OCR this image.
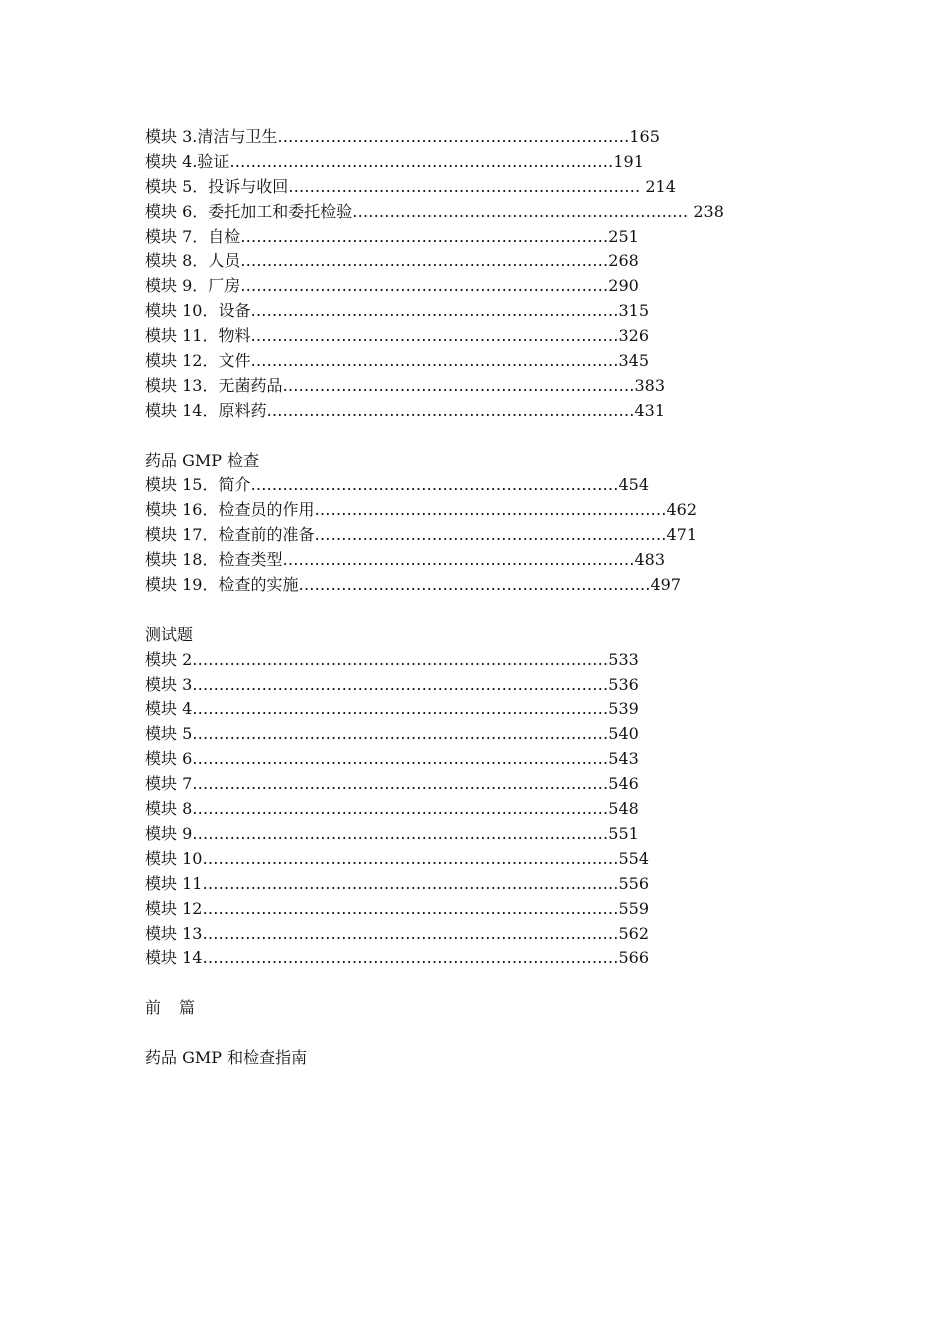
模块 3.清洁与卫生…………………………………………………………165
模块 4.验证………………………………………………………………191
模块 5．投诉与收回………………………………………………………… 214
模块 6．委托加工和委托检验……………………………………………………… 238
模块 7．自检……………………………………………………………251
模块 8．人员……………………………………………………………268
模块 9．厂房……………………………………………………………290
模块 10．设备……………………………………………………………315
模块 11．物料……………………………………………………………326
模块 12．文件……………………………………………………………345
模块 13．无菌药品…………………………………………………………383
模块 14．原料药……………………………………………………………431
药品 GMP 检查
模块 15．简介……………………………………………………………454
模块 16．检查员的作用…………………………………………………………462
模块 17．检查前的准备…………………………………………………………471
模块 18．检查类型…………………………………………………………483
模块 19．检查的实施…………………………………………………………497
测试题
模块 2……………………………………………………………………533
模块 3……………………………………………………………………536
模块 4……………………………………………………………………539
模块 5……………………………………………………………………540
模块 6……………………………………………………………………543
模块 7……………………………………………………………………546
模块 8……………………………………………………………………548
模块 9……………………………………………………………………551
模块 10……………………………………………………………………554
模块 11……………………………………………………………………556
模块 12……………………………………………………………………559
模块 13……………………………………………………………………562
模块 14……………………………………………………………………566
前篇
药品 GMP 和检查指南
